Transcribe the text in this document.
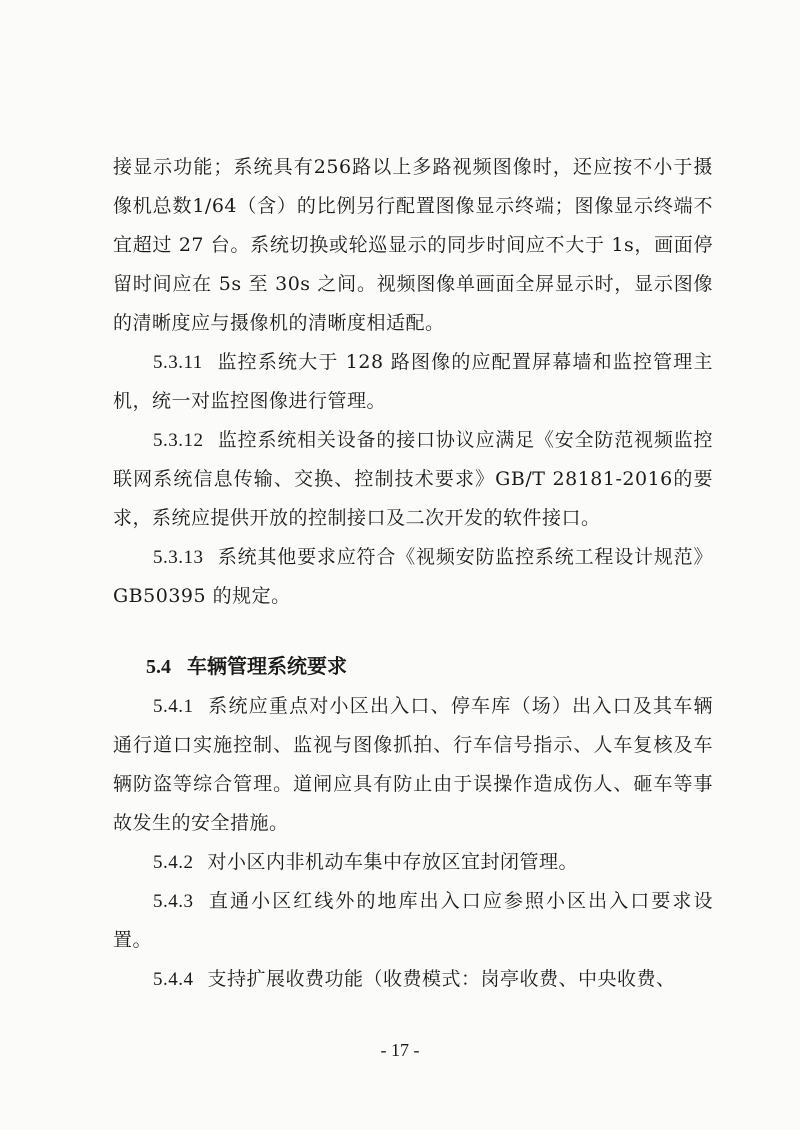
接显示功能；系统具有256路以上多路视频图像时，还应按不小于摄像机总数1/64（含）的比例另行配置图像显示终端；图像显示终端不宜超过 27 台。系统切换或轮巡显示的同步时间应不大于 1s，画面停留时间应在 5s 至 30s 之间。视频图像单画面全屏显示时，显示图像的清晰度应与摄像机的清晰度相适配。

5.3.11 监控系统大于 128 路图像的应配置屏幕墙和监控管理主机，统一对监控图像进行管理。

5.3.12 监控系统相关设备的接口协议应满足《安全防范视频监控联网系统信息传输、交换、控制技术要求》GB/T 28181-2016的要求，系统应提供开放的控制接口及二次开发的软件接口。

5.3.13 系统其他要求应符合《视频安防监控系统工程设计规范》GB50395 的规定。

5.4 车辆管理系统要求

5.4.1 系统应重点对小区出入口、停车库（场）出入口及其车辆通行道口实施控制、监视与图像抓拍、行车信号指示、人车复核及车辆防盗等综合管理。道闸应具有防止由于误操作造成伤人、砸车等事故发生的安全措施。

5.4.2 对小区内非机动车集中存放区宜封闭管理。

5.4.3 直通小区红线外的地库出入口应参照小区出入口要求设置。

5.4.4 支持扩展收费功能（收费模式：岗亭收费、中央收费、

- 17 -
